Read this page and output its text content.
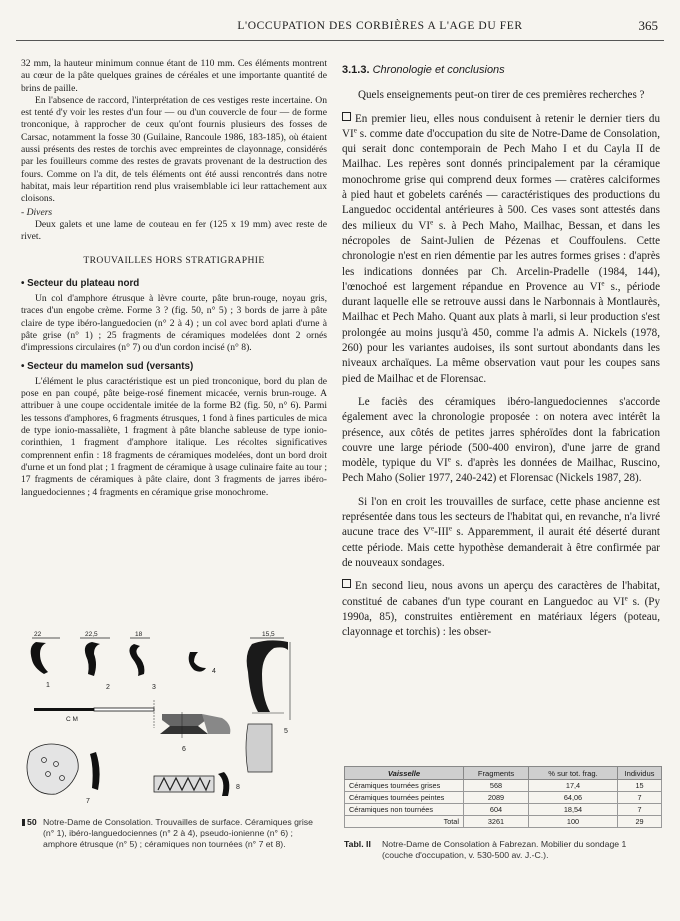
L'OCCUPATION DES CORBIÈRES A L'AGE DU FER	365

32 mm, la hauteur minimum connue étant de 110 mm. Ces éléments montrent au cœur de la pâte quelques graines de céréales et une importante quantité de brins de paille.

En l'absence de raccord, l'interprétation de ces vestiges reste incertaine. On est tenté d'y voir les restes d'un four — ou d'un couvercle de four — de forme tronconique, à rapprocher de ceux qu'ont fournis plusieurs des fosses de Carsac, notamment la fosse 30 (Guilaine, Rancoule 1986, 183-185), où étaient aussi présents des restes de torchis avec empreintes de clayonnage, considérés par les fouilleurs comme des restes de gravats provenant de la destruction des fours. Comme on l'a dit, de tels éléments ont été aussi rencontrés dans notre habitat, mais leur répartition rend plus vraisemblable ici leur rattachement aux cloisons.

- Divers

Deux galets et une lame de couteau en fer (125 x 19 mm) avec reste de rivet.

TROUVAILLES HORS STRATIGRAPHIE

• Secteur du plateau nord

Un col d'amphore étrusque à lèvre courte, pâte brun-rouge, noyau gris, traces d'un engobe crème. Forme 3 ? (fig. 50, n° 5) ; 3 bords de jarre à pâte claire de type ibéro-languedocien (n° 2 à 4) ; un col avec bord aplati d'urne à pâte grise (n° 1) ; 25 fragments de céramiques modelées dont 2 ornés d'impressions circulaires (n° 7) ou d'un cordon incisé (n° 8).

• Secteur du mamelon sud (versants)

L'élément le plus caractéristique est un pied tronconique, bord du plan de pose en pan coupé, pâte beige-rosé finement micacée, vernis brun-rouge. A attribuer à une coupe occidentale imitée de la forme B2 (fig. 50, n° 6). Parmi les tessons d'amphores, 6 fragments étrusques, 1 fond à fines particules de mica de type ionio-massaliète, 1 fragment à pâte blanche sableuse de type ionio-corinthien, 1 fragment d'amphore italique. Les récoltes significatives comprennent enfin : 18 fragments de céramiques modelées, dont un bord droit d'urne et un fond plat ; 1 fragment de céramique à usage culinaire faite au tour ; 17 fragments de céramiques à pâte claire, dont 3 fragments de jarres ibéro-languedociennes ; 4 fragments en céramique grise monochrome.

3.1.3. Chronologie et conclusions

Quels enseignements peut-on tirer de ces premières recherches ?

En premier lieu, elles nous conduisent à retenir le dernier tiers du VIe s. comme date d'occupation du site de Notre-Dame de Consolation, qui serait donc contemporain de Pech Maho I et du Cayla II de Mailhac. Les repères sont donnés principalement par la céramique monochrome grise qui comprend deux formes — cratères calciformes à pied haut et gobelets carénés — caractéristiques des productions du Languedoc occidental antérieures à 500. Ces vases sont attestés dans des milieux du VIe s. à Pech Maho, Mailhac, Bessan, et dans les nécropoles de Saint-Julien de Pézenas et Couffoulens. Cette chronologie n'est en rien démentie par les autres formes grises : d'après les indications données par Ch. Arcelin-Pradelle (1984, 144), l'œnochoé est largement répandue en Provence au VIe s., période durant laquelle elle se retrouve aussi dans le Narbonnais à Montlaurès, Mailhac et Pech Maho. Quant aux plats à marli, si leur production s'est prolongée au moins jusqu'à 450, comme l'a admis A. Nickels (1978, 260) pour les variantes audoises, ils sont surtout abondants dans les niveaux archaïques. La même observation vaut pour les coupes sans pied de Mailhac et de Florensac.

Le faciès des céramiques ibéro-languedociennes s'accorde également avec la chronologie proposée : on notera avec intérêt la présence, aux côtés de petites jarres sphéroïdes dont la fabrication couvre une large période (500-400 environ), d'une jarre de grand modèle, typique du VIe s. d'après les données de Mailhac, Ruscino, Pech Maho (Solier 1977, 240-242) et Florensac (Nickels 1987, 28).

Si l'on en croit les trouvailles de surface, cette phase ancienne est représentée dans tous les secteurs de l'habitat qui, en revanche, n'a livré aucune trace des Ve-IIIe s. Apparemment, il aurait été déserté durant cette période. Mais cette hypothèse demanderait à être confirmée par de nouveaux sondages.

En second lieu, nous avons un aperçu des caractères de l'habitat, constitué de cabanes d'un type courant en Languedoc au VIe s. (Py 1990a, 85), construites entièrement en matériaux légers (poteau, clayonnage et torchis) : les obser-

22	22,5	18	15,5
1	2	3
4
5
6
7
8
C M
50 Notre-Dame de Consolation. Trouvailles de surface. Céramiques grise (n° 1), ibéro-languedociennes (n° 2 à 4), pseudo-ionienne (n° 6) ; amphore étrusque (n° 5) ; céramiques non tournées (n° 7 et 8).
Vaisselle	Fragments	% sur tot. frag.	Individus
Céramiques tournées grises	568	17,4	15
Céramiques tournées peintes	2089	64,06	7
Céramiques non tournées	604	18,54	7
Total	3261	100	29
Tabl. II Notre-Dame de Consolation à Fabrezan. Mobilier du sondage 1 (couche d'occupation, v. 530-500 av. J.-C.).
